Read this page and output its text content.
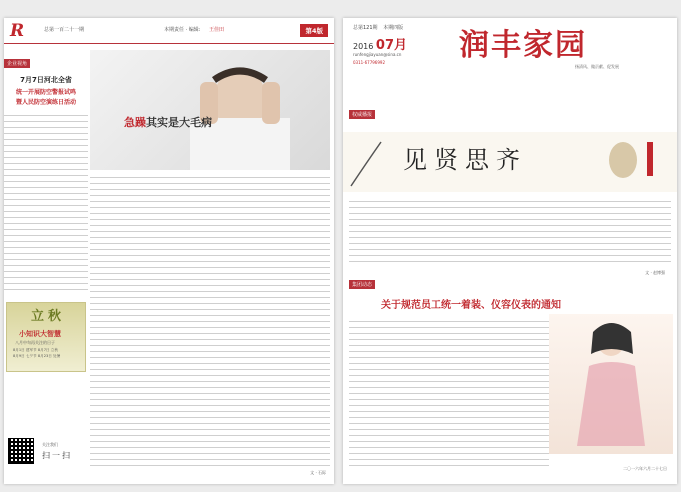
R	总第一百二十一期	本期责任 · 编辑: 王佳田	第4版
企业视角
7月7日河北全省
统一开展防空警报试鸣
暨人民防空演练日活动
立秋
小知识大智慧
八月中旬再关注的日子
8月1日 建军节 8月7日 立秋
8月9日 七夕节 8月23日 处暑
关注我们
扫一扫
急躁其实是大毛病
文 · 石际
总第121期 本期四版
2016 07月
runfengjiayuan@sina.cn
0311-67796992 润丰家园
扬清风、做贡献、促发展
权威播报
见贤思齐
文 · 赵博强
集团动态
关于规范员工统一着装、仪容仪表的通知
二〇一六年六月二十七日
